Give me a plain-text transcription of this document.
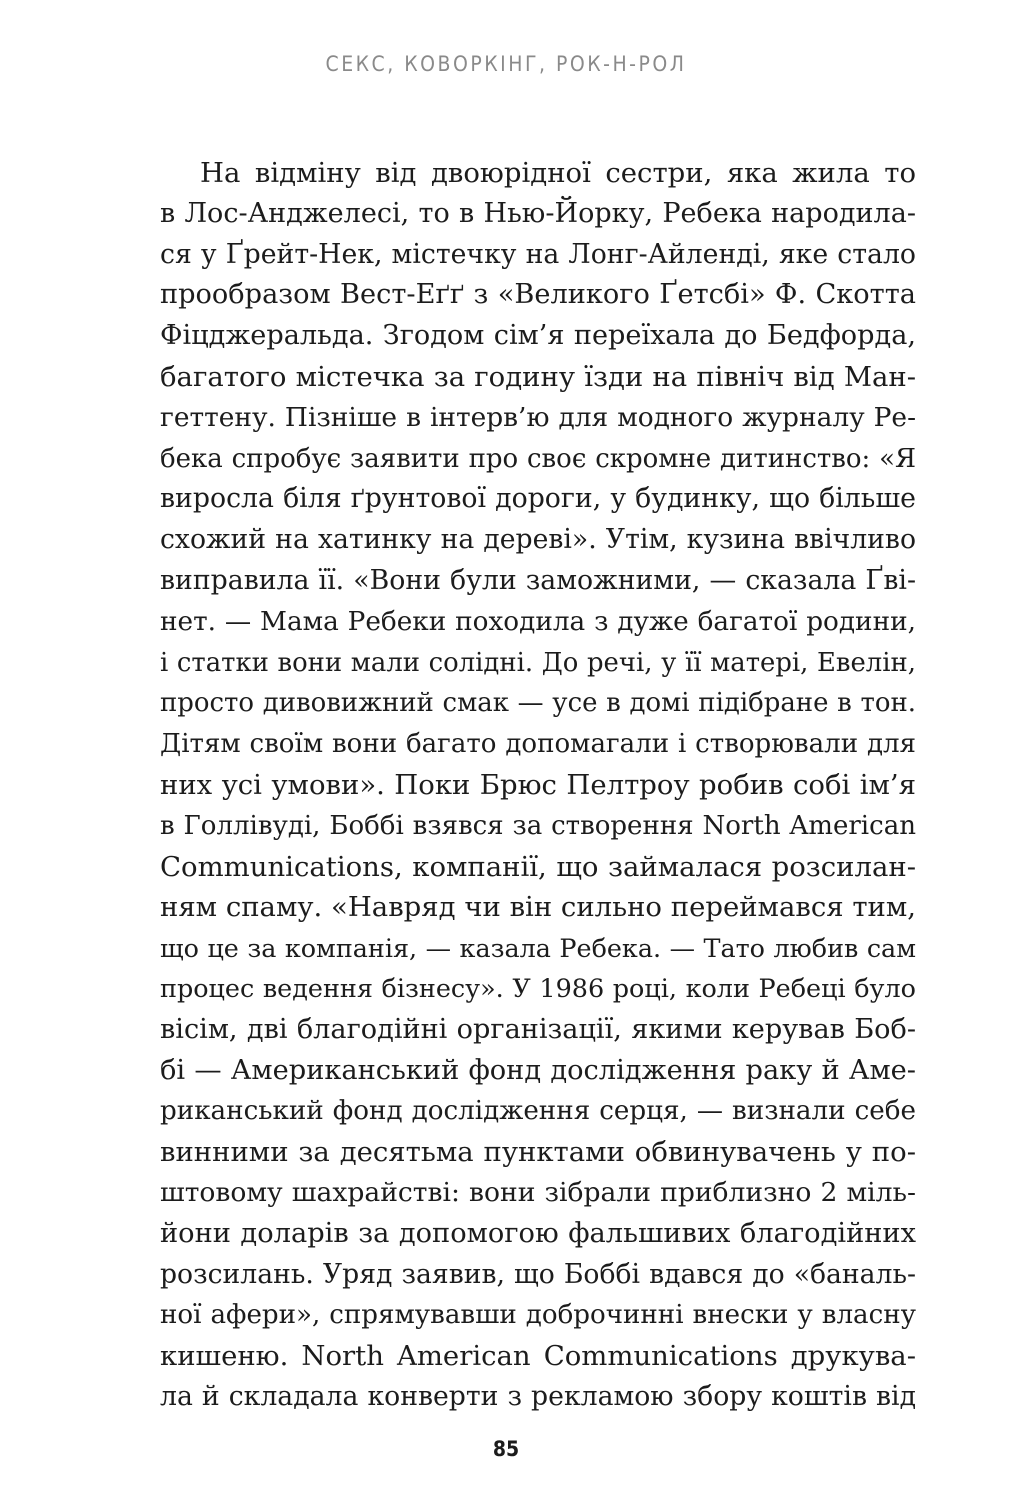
СЕКС, КОВОРКІНГ, РОК-Н-РОЛ
На відміну від двоюрідної сестри, яка жила то
в Лос-Анджелесі, то в Нью-Йорку, Ребека народила-
ся у Ґрейт-Нек, містечку на Лонг-Айленді, яке стало
прообразом Вест-Еґґ з «Великого Ґетсбі» Ф. Скотта
Фіцджеральда. Згодом сім’я переїхала до Бедфорда,
багатого містечка за годину їзди на північ від Ман-
геттену. Пізніше в інтерв’ю для модного журналу Ре-
бека спробує заявити про своє скромне дитинство: «Я
виросла біля ґрунтової дороги, у будинку, що більше
схожий на хатинку на дереві». Утім, кузина ввічливо
виправила її. «Вони були заможними, — сказала Ґві-
нет. — Мама Ребеки походила з дуже багатої родини,
і статки вони мали солідні. До речі, у її матері, Евелін,
просто дивовижний смак — усе в домі підібране в тон.
Дітям своїм вони багато допомагали і створювали для
них усі умови». Поки Брюс Пелтроу робив собі ім’я
в Голлівуді, Боббі взявся за створення North American
Communications, компанії, що займалася розсилан-
ням спаму. «Навряд чи він сильно переймався тим,
що це за компанія, — казала Ребека. — Тато любив сам
процес ведення бізнесу». У 1986 році, коли Ребеці було
вісім, дві благодійні організації, якими керував Боб-
бі — Американський фонд дослідження раку й Аме-
риканський фонд дослідження серця, — визнали себе
винними за десятьма пунктами обвинувачень у по-
штовому шахрайстві: вони зібрали приблизно 2 міль-
йони доларів за допомогою фальшивих благодійних
розсилань. Уряд заявив, що Боббі вдався до «баналь-
ної афери», спрямувавши доброчинні внески у власну
кишеню. North American Communications друкува-
ла й складала конверти з рекламою збору коштів від
85
